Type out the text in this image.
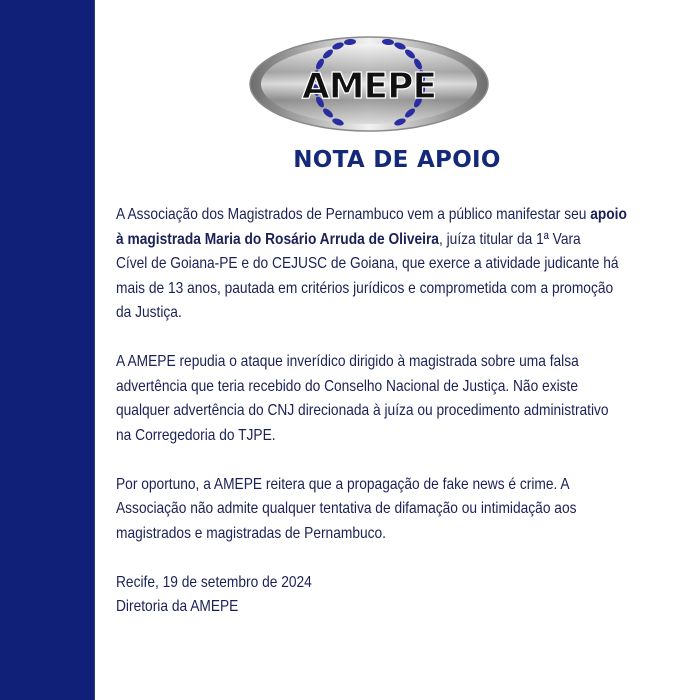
AMEPE
NOTA DE APOIO
A Associação dos Magistrados de Pernambuco vem a público manifestar seu apoio
à magistrada Maria do Rosário Arruda de Oliveira, juíza titular da 1ª Vara
Cível de Goiana-PE e do CEJUSC de Goiana, que exerce a atividade judicante há
mais de 13 anos, pautada em critérios jurídicos e comprometida com a promoção
da Justiça.
A AMEPE repudia o ataque inverídico dirigido à magistrada sobre uma falsa
advertência que teria recebido do Conselho Nacional de Justiça. Não existe
qualquer advertência do CNJ direcionada à juíza ou procedimento administrativo
na Corregedoria do TJPE.
Por oportuno, a AMEPE reitera que a propagação de fake news é crime. A
Associação não admite qualquer tentativa de difamação ou intimidação aos
magistrados e magistradas de Pernambuco.
Recife, 19 de setembro de 2024
Diretoria da AMEPE
